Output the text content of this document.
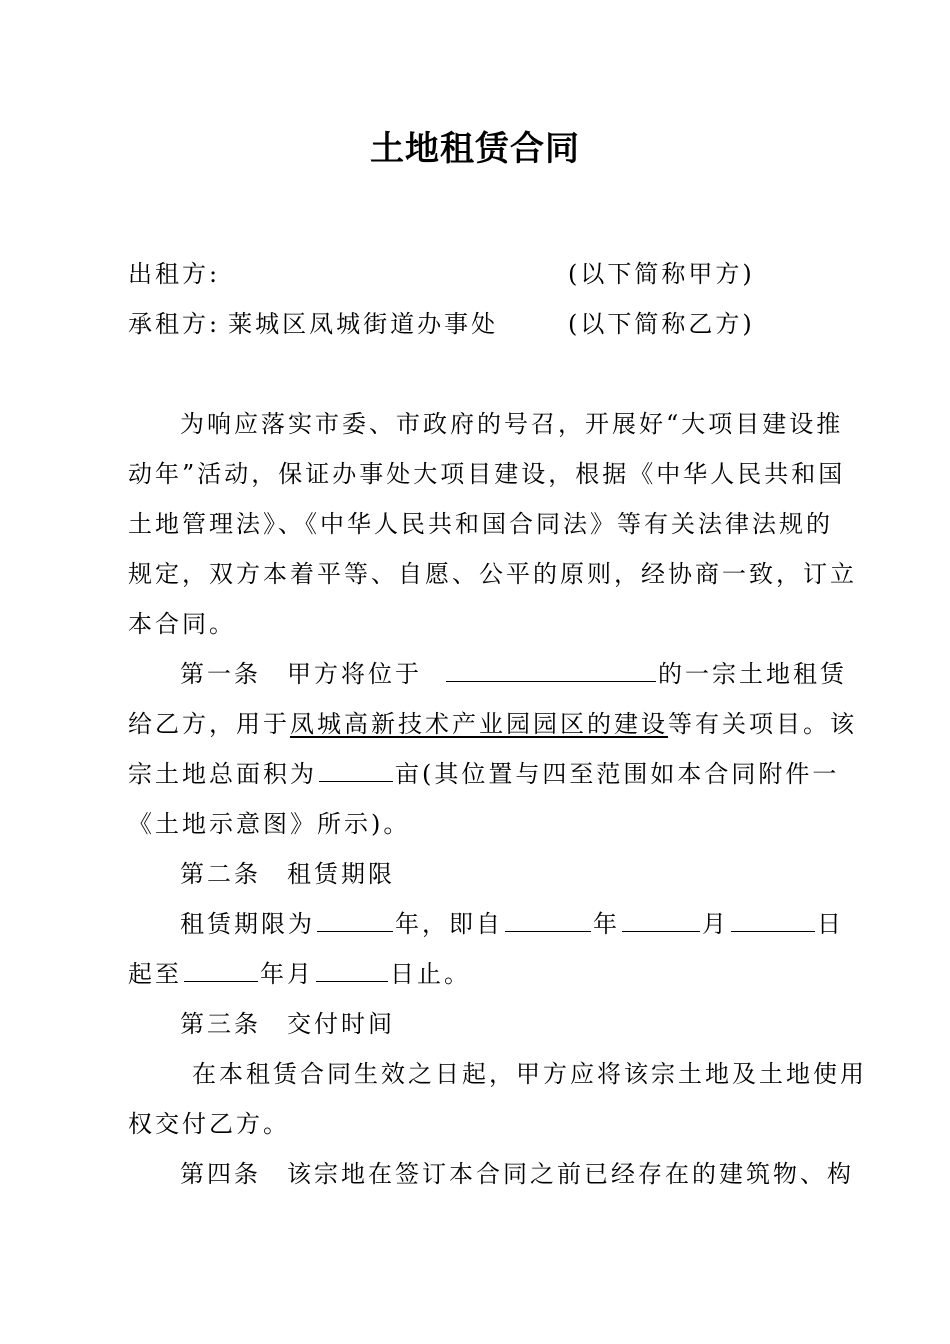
土地租赁合同
出租方:	(以下简称甲方)
承租方: 莱城区凤城街道办事处	(以下简称乙方)
为响应落实市委、市政府的号召，开展好“大项目建设推
动年”活动，保证办事处大项目建设，根据《中华人民共和国
土地管理法》、《中华人民共和国合同法》等有关法律法规的
规定，双方本着平等、自愿、公平的原则，经协商一致，订立
本合同。
第一条 甲方将位于	的一宗土地租赁
给乙方，用于凤城高新技术产业园园区的建设等有关项目。该
宗土地总面积为	亩(其位置与四至范围如本合同附件一
《土地示意图》所示)。
第二条 租赁期限
租赁期限为	年，即自	年	月	日
起至	年月	日止。
第三条 交付时间
在本租赁合同生效之日起，甲方应将该宗土地及土地使用
权交付乙方。
第四条 该宗地在签订本合同之前已经存在的建筑物、构
